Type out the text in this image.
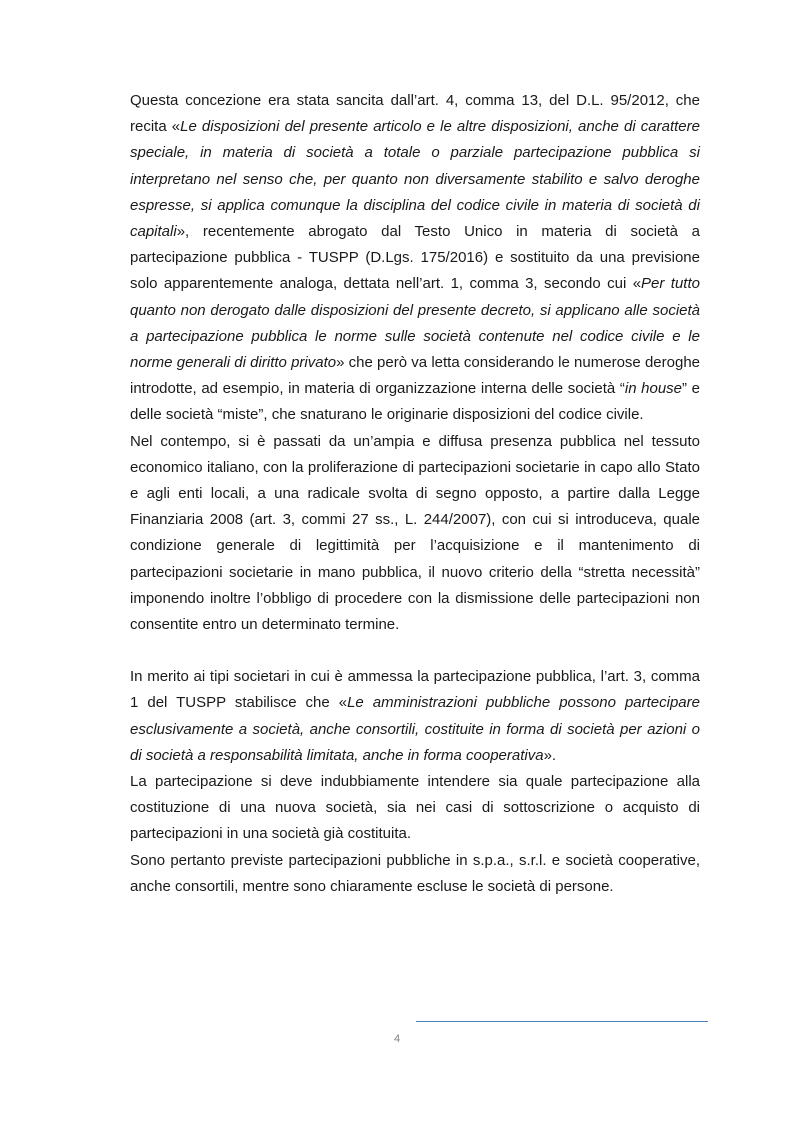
Questa concezione era stata sancita dall’art. 4, comma 13, del D.L. 95/2012, che recita «Le disposizioni del presente articolo e le altre disposizioni, anche di carattere speciale, in materia di società a totale o parziale partecipazione pubblica si interpretano nel senso che, per quanto non diversamente stabilito e salvo deroghe espresse, si applica comunque la disciplina del codice civile in materia di società di capitali», recentemente abrogato dal Testo Unico in materia di società a partecipazione pubblica - TUSPP (D.Lgs. 175/2016) e sostituito da una previsione solo apparentemente analoga, dettata nell’art. 1, comma 3, secondo cui «Per tutto quanto non derogato dalle disposizioni del presente decreto, si applicano alle società a partecipazione pubblica le norme sulle società contenute nel codice civile e le norme generali di diritto privato» che però va letta considerando le numerose deroghe introdotte, ad esempio, in materia di organizzazione interna delle società “in house” e delle società “miste”, che snaturano le originarie disposizioni del codice civile.

Nel contempo, si è passati da un’ampia e diffusa presenza pubblica nel tessuto economico italiano, con la proliferazione di partecipazioni societarie in capo allo Stato e agli enti locali, a una radicale svolta di segno opposto, a partire dalla Legge Finanziaria 2008 (art. 3, commi 27 ss., L. 244/2007), con cui si introduceva, quale condizione generale di legittimità per l’acquisizione e il mantenimento di partecipazioni societarie in mano pubblica, il nuovo criterio della “stretta necessità” imponendo inoltre l’obbligo di procedere con la dismissione delle partecipazioni non consentite entro un determinato termine.

In merito ai tipi societari in cui è ammessa la partecipazione pubblica, l’art. 3, comma 1 del TUSPP stabilisce che «Le amministrazioni pubbliche possono partecipare esclusivamente a società, anche consortili, costituite in forma di società per azioni o di società a responsabilità limitata, anche in forma cooperativa».

La partecipazione si deve indubbiamente intendere sia quale partecipazione alla costituzione di una nuova società, sia nei casi di sottoscrizione o acquisto di partecipazioni in una società già costituita.

Sono pertanto previste partecipazioni pubbliche in s.p.a., s.r.l. e società cooperative, anche consortili, mentre sono chiaramente escluse le società di persone.

4
